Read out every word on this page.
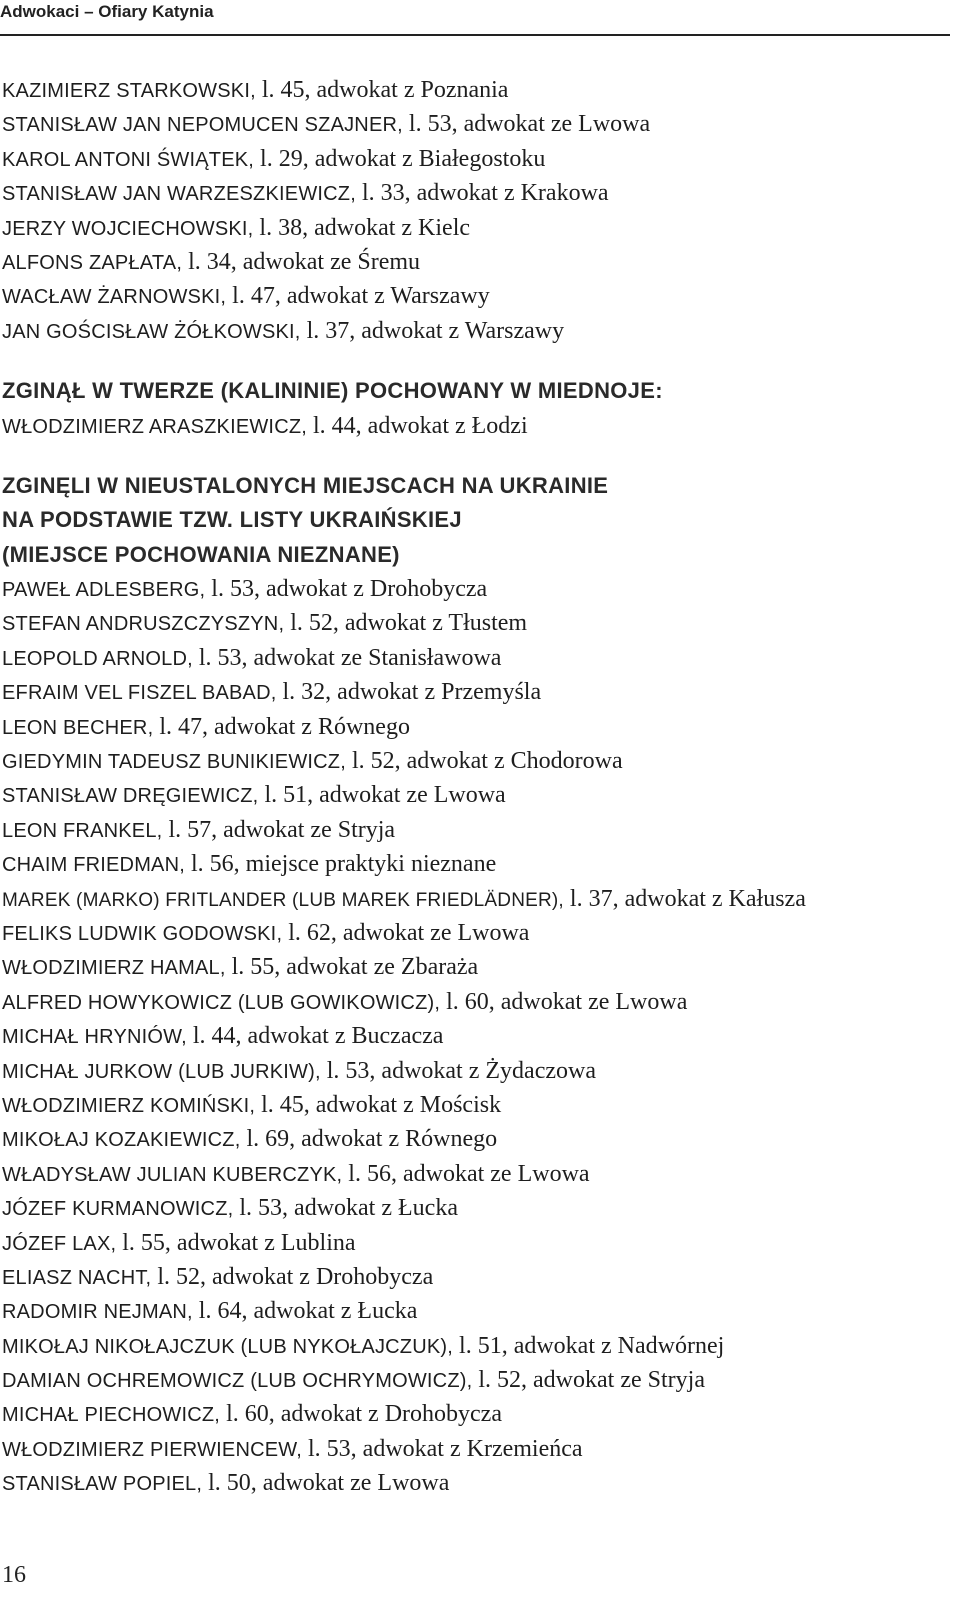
Adwokaci – Ofiary Katynia
KAZIMIERZ STARKOWSKI, l. 45, adwokat z Poznania
STANISŁAW JAN NEPOMUCEN SZAJNER, l. 53, adwokat ze Lwowa
KAROL ANTONI ŚWIĄTEK, l. 29, adwokat z Białegostoku
STANISŁAW JAN WARZESZKIEWICZ, l. 33, adwokat z Krakowa
JERZY WOJCIECHOWSKI, l. 38, adwokat z Kielc
ALFONS ZAPŁATA, l. 34, adwokat ze Śremu
WACŁAW ŻARNOWSKI, l. 47, adwokat z Warszawy
JAN GOŚCISŁAW ŻÓŁKOWSKI, l. 37, adwokat z Warszawy
ZGINĄŁ W TWERZE (KALININIE) POCHOWANY W MIEDNOJE:
WŁODZIMIERZ ARASZKIEWICZ, l. 44, adwokat z Łodzi
ZGINĘLI W NIEUSTALONYCH MIEJSCACH NA UKRAINIE
NA PODSTAWIE TZW. LISTY UKRAIŃSKIEJ
(MIEJSCE POCHOWANIA NIEZNANE)
PAWEŁ ADLESBERG, l. 53, adwokat z Drohobycza
STEFAN ANDRUSZCZYSZYN, l. 52, adwokat z Tłustem
LEOPOLD ARNOLD, l. 53, adwokat ze Stanisławowa
EFRAIM VEL FISZEL BABAD, l. 32, adwokat z Przemyśla
LEON BECHER, l. 47, adwokat z Równego
GIEDYMIN TADEUSZ BUNIKIEWICZ, l. 52, adwokat z Chodorowa
STANISŁAW DRĘGIEWICZ, l. 51, adwokat ze Lwowa
LEON FRANKEL, l. 57, adwokat ze Stryja
CHAIM FRIEDMAN, l. 56, miejsce praktyki nieznane
MAREK (MARKO) FRITLANDER (LUB MAREK FRIEDLÄDNER), l. 37, adwokat z Kałusza
FELIKS LUDWIK GODOWSKI, l. 62, adwokat ze Lwowa
WŁODZIMIERZ HAMAL, l. 55, adwokat ze Zbaraża
ALFRED HOWYKOWICZ (LUB GOWIKOWICZ), l. 60, adwokat ze Lwowa
MICHAŁ HRYNIÓW, l. 44, adwokat z Buczacza
MICHAŁ JURKOW (LUB JURKIW), l. 53, adwokat z Żydaczowa
WŁODZIMIERZ KOMIŃSKI, l. 45, adwokat z Mościsk
MIKOŁAJ KOZAKIEWICZ, l. 69, adwokat z Równego
WŁADYSŁAW JULIAN KUBERCZYK, l. 56, adwokat ze Lwowa
JÓZEF KURMANOWICZ, l. 53, adwokat z Łucka
JÓZEF LAX, l. 55, adwokat z Lublina
ELIASZ NACHT, l. 52, adwokat z Drohobycza
RADOMIR NEJMAN, l. 64, adwokat z Łucka
MIKOŁAJ NIKOŁAJCZUK (LUB NYKOŁAJCZUK), l. 51, adwokat z Nadwórnej
DAMIAN OCHREMOWICZ (LUB OCHRYMOWICZ), l. 52, adwokat ze Stryja
MICHAŁ PIECHOWICZ, l. 60, adwokat z Drohobycza
WŁODZIMIERZ PIERWIENCEW, l. 53, adwokat z Krzemieńca
STANISŁAW POPIEL, l. 50, adwokat ze Lwowa
16
